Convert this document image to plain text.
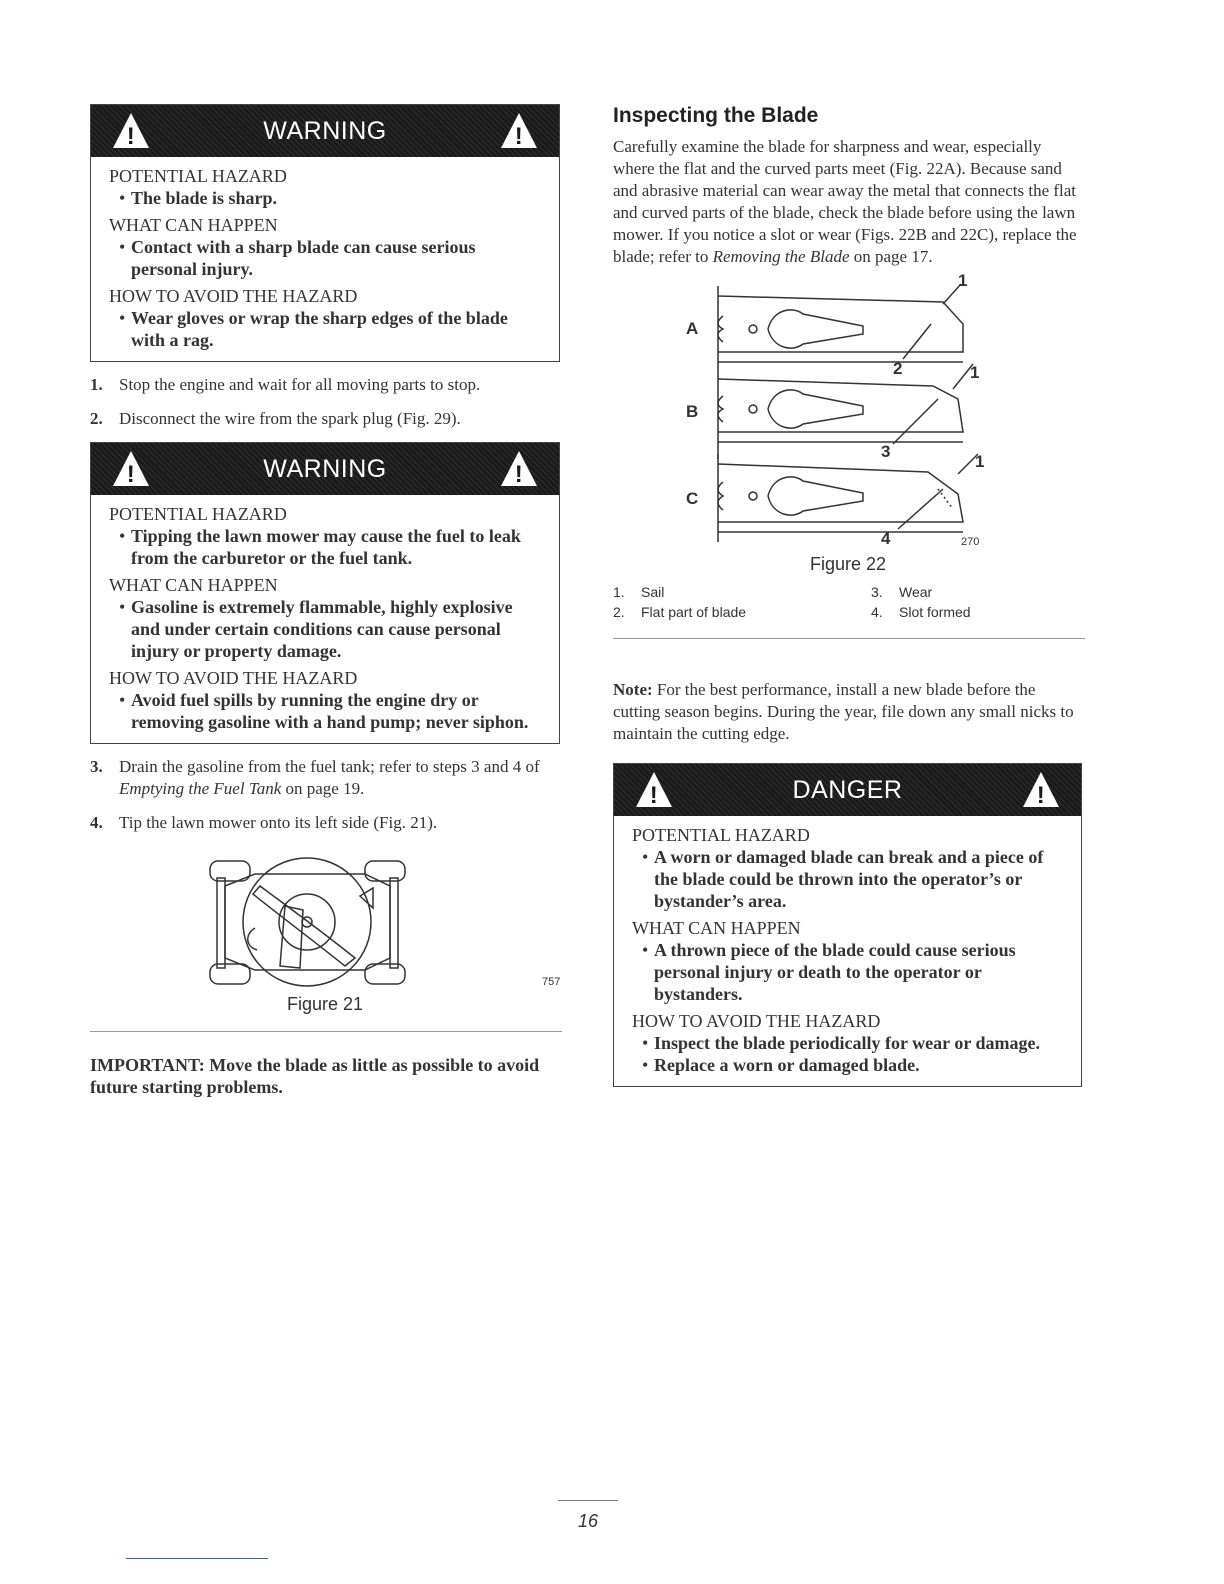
!	WARNING	!
POTENTIAL HAZARD
• The blade is sharp.
WHAT CAN HAPPEN
• Contact with a sharp blade can cause serious personal injury.
HOW TO AVOID THE HAZARD
• Wear gloves or wrap the sharp edges of the blade with a rag.
1. Stop the engine and wait for all moving parts to stop.
2. Disconnect the wire from the spark plug (Fig. 29).
!	WARNING	!
POTENTIAL HAZARD
• Tipping the lawn mower may cause the fuel to leak from the carburetor or the fuel tank.
WHAT CAN HAPPEN
• Gasoline is extremely flammable, highly explosive and under certain conditions can cause personal injury or property damage.
HOW TO AVOID THE HAZARD
• Avoid fuel spills by running the engine dry or removing gasoline with a hand pump; never siphon.
3. Drain the gasoline from the fuel tank; refer to steps 3 and 4 of Emptying the Fuel Tank on page 19.
4. Tip the lawn mower onto its left side (Fig. 21).
757
Figure 21

IMPORTANT: Move the blade as little as possible to avoid future starting problems.

Inspecting the Blade

Carefully examine the blade for sharpness and wear, especially where the flat and the curved parts meet (Fig. 22A). Because sand and abrasive material can wear away the metal that connects the flat and curved parts of the blade, check the blade before using the lawn mower. If you notice a slot or wear (Figs. 22B and 22C), replace the blade; refer to Removing the Blade on page 17.

A
B
C
1
2	1
3
1
4	270
Figure 22
1. Sail	3. Wear
2. Flat part of blade	4. Slot formed

Note: For the best performance, install a new blade before the cutting season begins. During the year, file down any small nicks to maintain the cutting edge.

!	DANGER	!
POTENTIAL HAZARD
• A worn or damaged blade can break and a piece of the blade could be thrown into the operator’s or bystander’s area.
WHAT CAN HAPPEN
• A thrown piece of the blade could cause serious personal injury or death to the operator or bystanders.
HOW TO AVOID THE HAZARD
• Inspect the blade periodically for wear or damage.
• Replace a worn or damaged blade.
16
